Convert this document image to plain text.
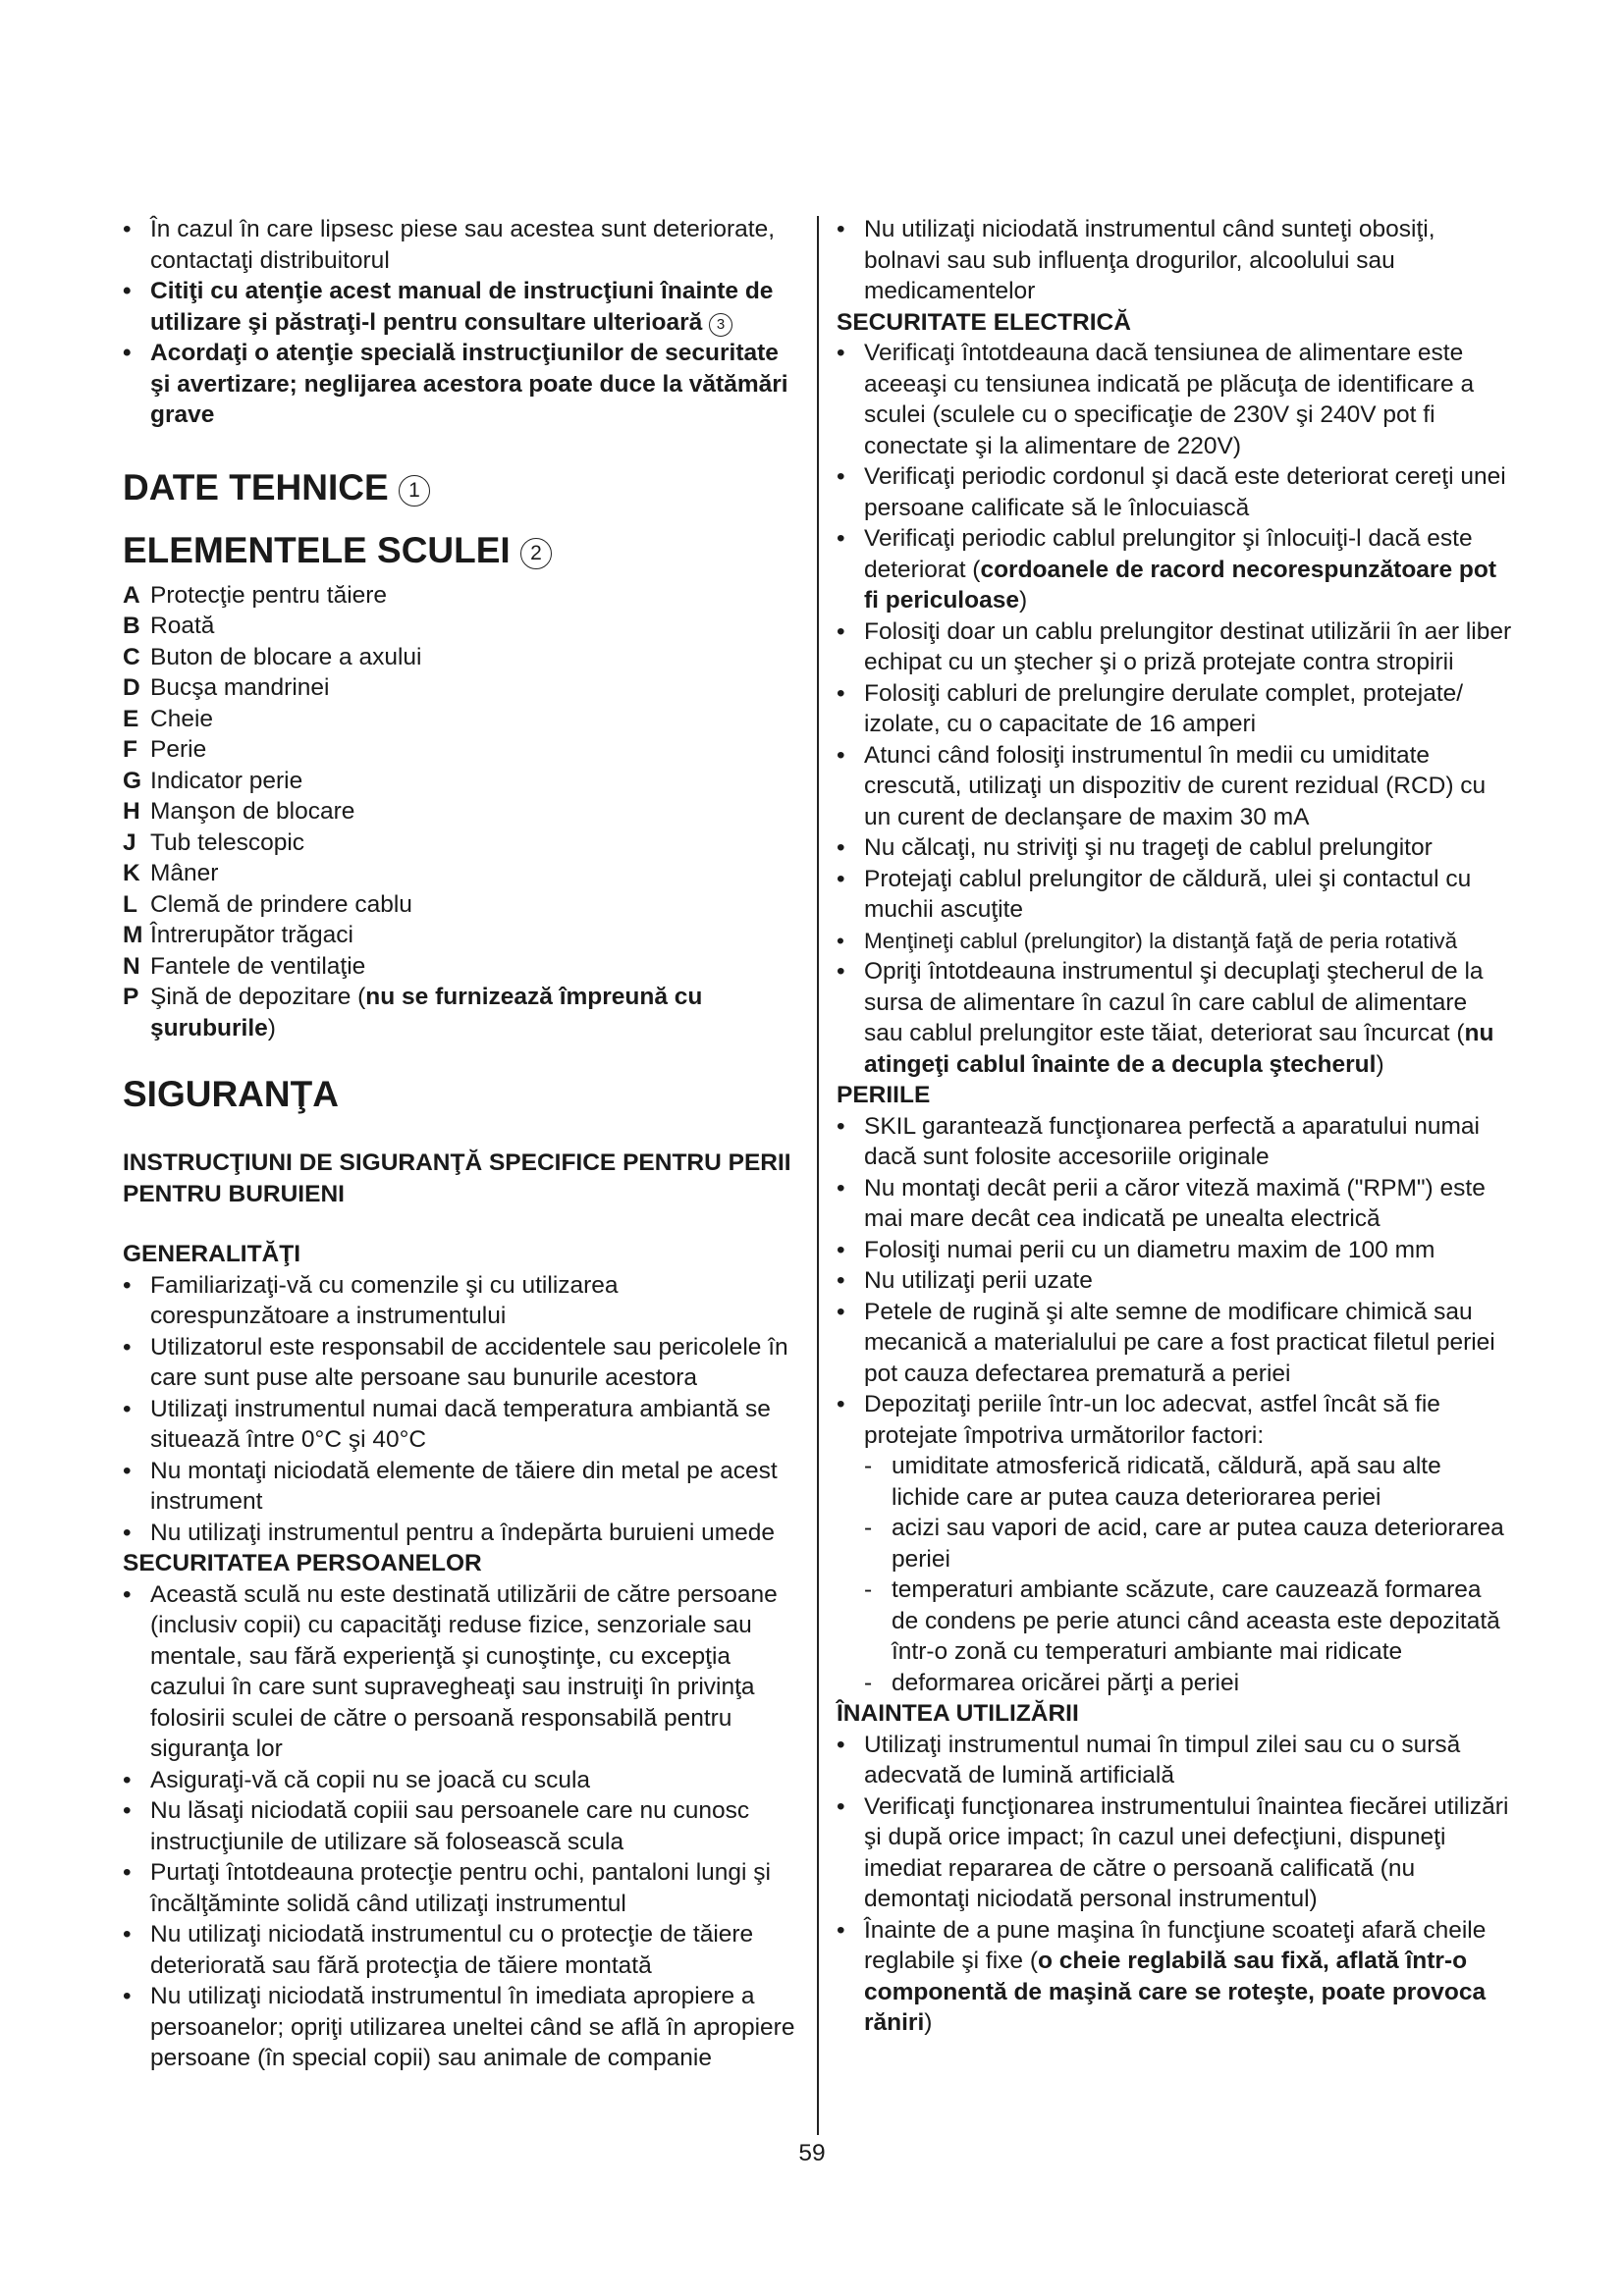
• În cazul în care lipsesc piese sau acestea sunt deteriorate, contactaţi distribuitorul
• Citiţi cu atenţie acest manual de instrucţiuni înainte de utilizare şi păstraţi-l pentru consultare ulterioară 3
• Acordaţi o atenţie specială instrucţiunilor de securitate şi avertizare; neglijarea acestora poate duce la vătămări grave
DATE TEHNICE 1
ELEMENTELE SCULEI 2
A Protecţie pentru tăiere
B Roată
C Buton de blocare a axului
D Bucşa mandrinei
E Cheie
F Perie
G Indicator perie
H Manşon de blocare
J Tub telescopic
K Mâner
L Clemă de prindere cablu
M Întrerupător trăgaci
N Fantele de ventilaţie
P Şină de depozitare (nu se furnizează împreună cu şuruburile)
SIGURANŢA
INSTRUCŢIUNI DE SIGURANŢĂ SPECIFICE PENTRU PERII PENTRU BURUIENI
GENERALITĂŢI
• Familiarizaţi-vă cu comenzile şi cu utilizarea corespunzătoare a instrumentului
• Utilizatorul este responsabil de accidentele sau pericolele în care sunt puse alte persoane sau bunurile acestora
• Utilizaţi instrumentul numai dacă temperatura ambiantă se situează între 0°C şi 40°C
• Nu montaţi niciodată elemente de tăiere din metal pe acest instrument
• Nu utilizaţi instrumentul pentru a îndepărta buruieni umede
SECURITATEA PERSOANELOR
• Această sculă nu este destinată utilizării de către persoane (inclusiv copii) cu capacităţi reduse fizice, senzoriale sau mentale, sau fără experienţă şi cunoştinţe, cu excepţia cazului în care sunt supravegheaţi sau instruiţi în privinţa folosirii sculei de către o persoană responsabilă pentru siguranţa lor
• Asiguraţi-vă că copii nu se joacă cu scula
• Nu lăsaţi niciodată copiii sau persoanele care nu cunosc instrucţiunile de utilizare să folosească scula
• Purtaţi întotdeauna protecţie pentru ochi, pantaloni lungi şi încălţăminte solidă când utilizaţi instrumentul
• Nu utilizaţi niciodată instrumentul cu o protecţie de tăiere deteriorată sau fără protecţia de tăiere montată
• Nu utilizaţi niciodată instrumentul în imediata apropiere a persoanelor; opriţi utilizarea uneltei când se află în apropiere persoane (în special copii) sau animale de companie
• Nu utilizaţi niciodată instrumentul când sunteţi obosiţi, bolnavi sau sub influenţa drogurilor, alcoolului sau medicamentelor
SECURITATE ELECTRICĂ
• Verificaţi întotdeauna dacă tensiunea de alimentare este aceeaşi cu tensiunea indicată pe plăcuţa de identificare a sculei (sculele cu o specificaţie de 230V şi 240V pot fi conectate şi la alimentare de 220V)
• Verificaţi periodic cordonul şi dacă este deteriorat cereţi unei persoane calificate să le înlocuiască
• Verificaţi periodic cablul prelungitor şi înlocuiţi-l dacă este deteriorat (cordoanele de racord necorespunzătoare pot fi periculoase)
• Folosiţi doar un cablu prelungitor destinat utilizării în aer liber echipat cu un ştecher şi o priză protejate contra stropirii
• Folosiţi cabluri de prelungire derulate complet, protejate/ izolate, cu o capacitate de 16 amperi
• Atunci când folosiţi instrumentul în medii cu umiditate crescută, utilizaţi un dispozitiv de curent rezidual (RCD) cu un curent de declanşare de maxim 30 mA
• Nu călcaţi, nu striviţi şi nu trageţi de cablul prelungitor
• Protejaţi cablul prelungitor de căldură, ulei şi contactul cu muchii ascuţite
• Menţineţi cablul (prelungitor) la distanţă faţă de peria rotativă
• Opriţi întotdeauna instrumentul şi decuplaţi ştecherul de la sursa de alimentare în cazul în care cablul de alimentare sau cablul prelungitor este tăiat, deteriorat sau încurcat (nu atingeţi cablul înainte de a decupla ştecherul)
PERIILE
• SKIL garantează funcţionarea perfectă a aparatului numai dacă sunt folosite accesoriile originale
• Nu montaţi decât perii a căror viteză maximă ("RPM") este mai mare decât cea indicată pe unealta electrică
• Folosiţi numai perii cu un diametru maxim de 100 mm
• Nu utilizaţi perii uzate
• Petele de rugină şi alte semne de modificare chimică sau mecanică a materialului pe care a fost practicat filetul periei pot cauza defectarea prematură a periei
• Depozitaţi periile într-un loc adecvat, astfel încât să fie protejate împotriva următorilor factori:
- umiditate atmosferică ridicată, căldură, apă sau alte lichide care ar putea cauza deteriorarea periei
- acizi sau vapori de acid, care ar putea cauza deteriorarea periei
- temperaturi ambiante scăzute, care cauzează formarea de condens pe perie atunci când aceasta este depozitată într-o zonă cu temperaturi ambiante mai ridicate
- deformarea oricărei părţi a periei
ÎNAINTEA UTILIZĂRII
• Utilizaţi instrumentul numai în timpul zilei sau cu o sursă adecvată de lumină artificială
• Verificaţi funcţionarea instrumentului înaintea fiecărei utilizări şi după orice impact; în cazul unei defecţiuni, dispuneţi imediat repararea de către o persoană calificată (nu demontaţi niciodată personal instrumentul)
• Înainte de a pune maşina în funcţiune scoateţi afară cheile reglabile şi fixe (o cheie reglabilă sau fixă, aflată într-o componentă de maşină care se roteşte, poate provoca răniri)
59
